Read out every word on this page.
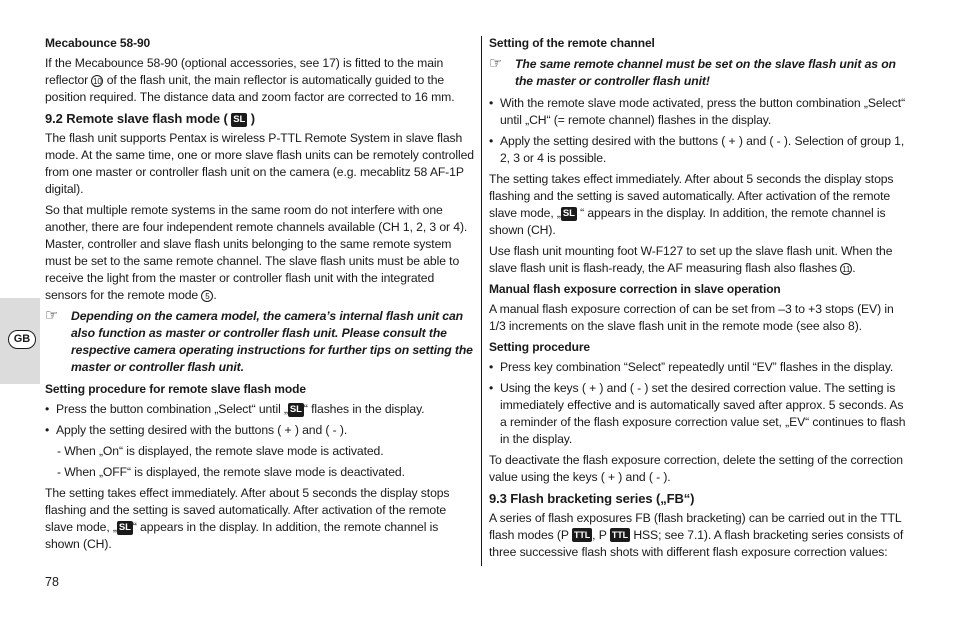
GB
Mecabounce 58-90

If the Mecabounce 58-90 (optional accessories, see 17) is fitted to the main reflector 10 of the flash unit, the main reflector is automatically guided to the position required. The distance data and zoom factor are corrected to 16 mm.

9.2 Remote slave flash mode ( SL )

The flash unit supports Pentax is wireless P-TTL Remote System in slave flash mode. At the same time, one or more slave flash units can be remotely controlled from one master or controller flash unit on the camera (e.g. mecablitz 58 AF-1P digital).

So that multiple remote systems in the same room do not interfere with one another, there are four independent remote channels available (CH 1, 2, 3 or 4). Master, controller and slave flash units belonging to the same remote system must be set to the same remote channel. The slave flash units must be able to receive the light from the master or controller flash unit with the integrated sensors for the remote mode 5 .

☞ Depending on the camera model, the camera’s internal flash unit can also function as master or controller flash unit. Please consult the respective camera operating instructions for further tips on setting the master or controller flash unit.
Setting procedure for remote slave flash mode
• Press the button combination „Select“ until „ SL “ flashes in the display.
• Apply the setting desired with the buttons ( + ) and ( - ).
- When „On“ is displayed, the remote slave mode is activated.
- When „OFF“ is displayed, the remote slave mode is deactivated.

The setting takes effect immediately. After about 5 seconds the display stops flashing and the setting is saved automatically. After activation of the remote slave mode, „ SL “ appears in the display. In addition, the remote channel is shown (CH).

Setting of the remote channel
☞ The same remote channel must be set on the slave flash unit as on the master or controller flash unit!
• With the remote slave mode activated, press the button combination „Select“ until „CH“ (= remote channel) flashes in the display.
• Apply the setting desired with the buttons ( + ) and ( - ). Selection of group 1, 2, 3 or 4 is possible.

The setting takes effect immediately. After about 5 seconds the display stops flashing and the setting is saved automatically. After activation of the remote slave mode, „ SL “ appears in the display. In addition, the remote channel is shown (CH).

Use flash unit mounting foot W-F127 to set up the slave flash unit. When the slave flash unit is flash-ready, the AF measuring flash also flashes 11 .

Manual flash exposure correction in slave operation

A manual flash exposure correction of can be set from –3 to +3 stops (EV) in 1/3 increments on the slave flash unit in the remote mode (see also 8).

Setting procedure
• Press key combination “Select” repeatedly until “EV” flashes in the display.
• Using the keys ( + ) and ( - ) set the desired correction value. The setting is immediately effective and is automatically saved after approx. 5 seconds. As a reminder of the flash exposure correction value set, „EV“ continues to flash in the display.

To deactivate the flash exposure correction, delete the setting of the correction value using the keys ( + ) and ( - ).

9.3 Flash bracketing series („FB“)

A series of flash exposures FB (flash bracketing) can be carried out in the TTL flash modes (P TTL , P TTL HSS; see 7.1). A flash bracketing series consists of three successive flash shots with different flash exposure correction values:

78
